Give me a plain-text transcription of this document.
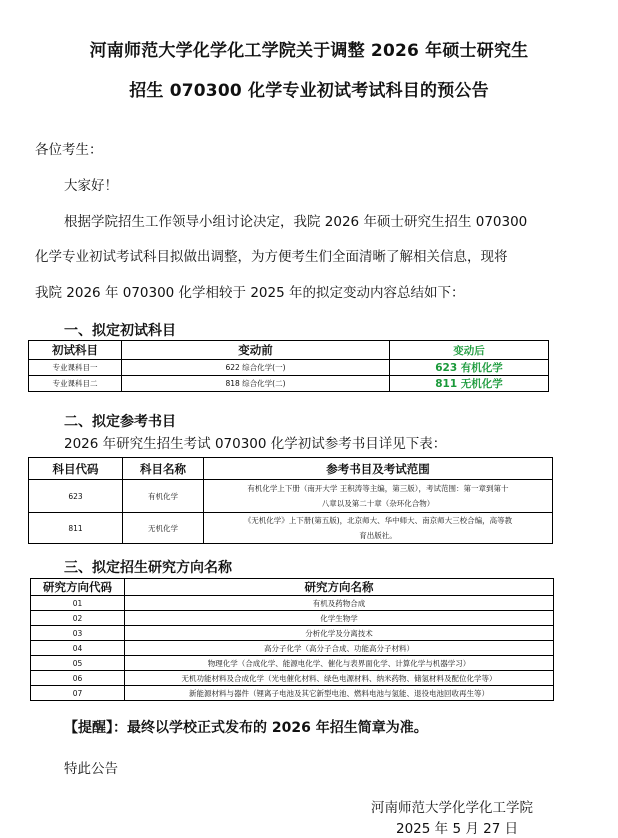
河南师范大学化学化工学院关于调整 2026 年硕士研究生
招生 070300 化学专业初试考试科目的预公告
各位考生：
大家好！
根据学院招生工作领导小组讨论决定，我院 2026 年硕士研究生招生 070300
化学专业初试考试科目拟做出调整，为方便考生们全面清晰了解相关信息，现将
我院 2026 年 070300 化学相较于 2025 年的拟定变动内容总结如下：
一、拟定初试科目
初试科目	变动前	变动后
专业课科目一	622 综合化学(一)	623 有机化学
专业课科目二	818 综合化学(二)	811 无机化学
二、拟定参考书目
2026 年研究生招生考试 070300 化学初试参考书目详见下表：
科目代码	科目名称	参考书目及考试范围
623	有机化学	有机化学上下册（南开大学 王积涛等主编，第三版），考试范围：第一章到第十
八章以及第二十章（杂环化合物）

811	无机化学	《无机化学》上下册(第五版)，北京师大、华中师大、南京师大三校合编，高等教
育出版社。
三、拟定招生研究方向名称
研究方向代码	研究方向名称
01	有机及药物合成
02	化学生物学
03	分析化学及分离技术
04	高分子化学（高分子合成、功能高分子材料）
05	物理化学（合成化学、能源电化学、催化与表界面化学、计算化学与机器学习）
06	无机功能材料及合成化学（光电催化材料、绿色电源材料、纳米药物、储氢材料及配位化学等）
07	新能源材料与器件（锂离子电池及其它新型电池、燃料电池与氢能、退役电池回收再生等）
【提醒】：最终以学校正式发布的 2026 年招生简章为准。
特此公告
河南师范大学化学化工学院
2025 年 5 月 27 日
